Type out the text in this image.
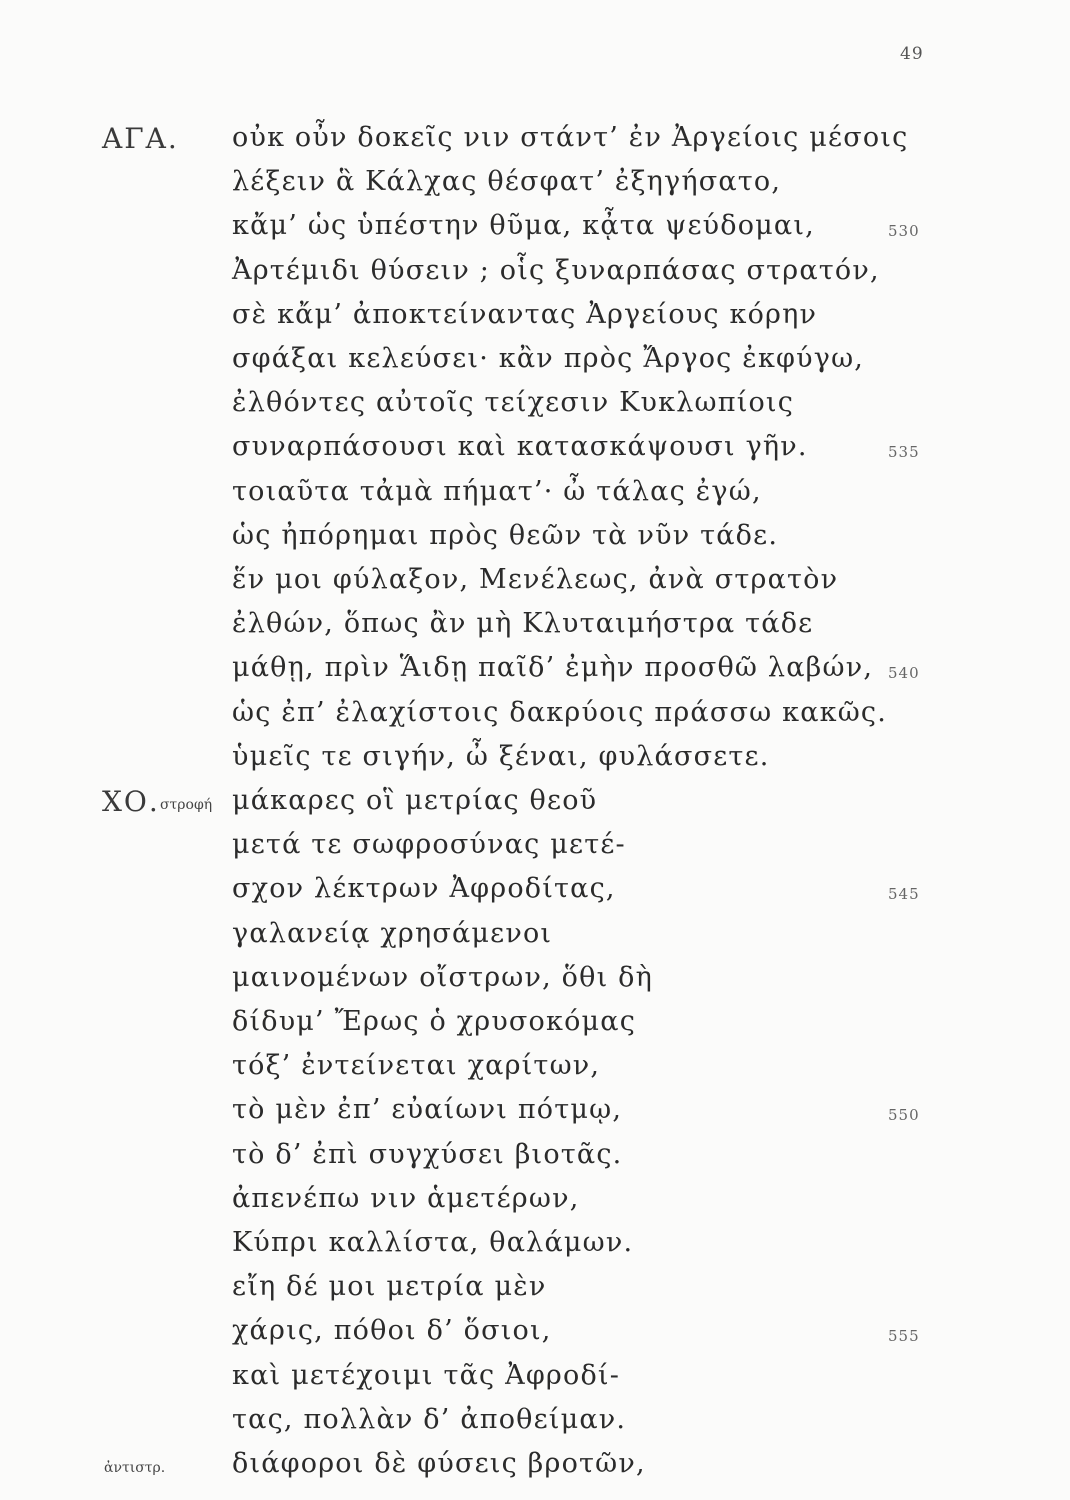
49
ΑΓΑ. οὐκ οὖν δοκεῖς νιν στάντ’ ἐν Ἀργείοις μέσοις
λέξειν ἃ Κάλχας θέσφατ’ ἐξηγήσατο,
κἄμ’ ὡς ὑπέστην θῦμα, κᾆτα ψεύδομαι,	530
Ἀρτέμιδι θύσειν ; οἷς ξυναρπάσας στρατόν,
σὲ κἄμ’ ἀποκτείναντας Ἀργείους κόρην
σφάξαι κελεύσει· κἂν πρὸς Ἄργος ἐκφύγω,
ἐλθόντες αὐτοῖς τείχεσιν Κυκλωπίοις
συναρπάσουσι καὶ κατασκάψουσι γῆν.	535
τοιαῦτα τἀμὰ πήματ’· ὦ τάλας ἐγώ,
ὡς ἠπόρημαι πρὸς θεῶν τὰ νῦν τάδε.
ἕν μοι φύλαξον, Μενέλεως, ἀνὰ στρατὸν
ἐλθών, ὅπως ἂν μὴ Κλυταιμήστρα τάδε
μάθῃ, πρὶν Ἅιδῃ παῖδ’ ἐμὴν προσθῶ λαβών, 540
ὡς ἐπ’ ἐλαχίστοις δακρύοις πράσσω κακῶς.
ὑμεῖς τε σιγήν, ὦ ξέναι, φυλάσσετε.
ΧΟ. στροφή μάκαρες οἳ μετρίας θεοῦ
μετά τε σωφροσύνας μετέ-
σχον λέκτρων Ἀφροδίτας,	545
γαλανείᾳ χρησάμενοι
μαινομένων οἴστρων, ὅθι δὴ
δίδυμ’ Ἔρως ὁ χρυσοκόμας
τόξ’ ἐντείνεται χαρίτων,
τὸ μὲν ἐπ’ εὐαίωνι πότμῳ,	550
τὸ δ’ ἐπὶ συγχύσει βιοτᾶς.
ἀπενέπω νιν ἁμετέρων,
Κύπρι καλλίστα, θαλάμων.
εἴη δέ μοι μετρία μὲν
χάρις, πόθοι δ’ ὅσιοι,	555
καὶ μετέχοιμι τᾶς Ἀφροδί-
τας, πολλὰν δ’ ἀποθείμαν.
ἀντιστρ. διάφοροι δὲ φύσεις βροτῶν,
